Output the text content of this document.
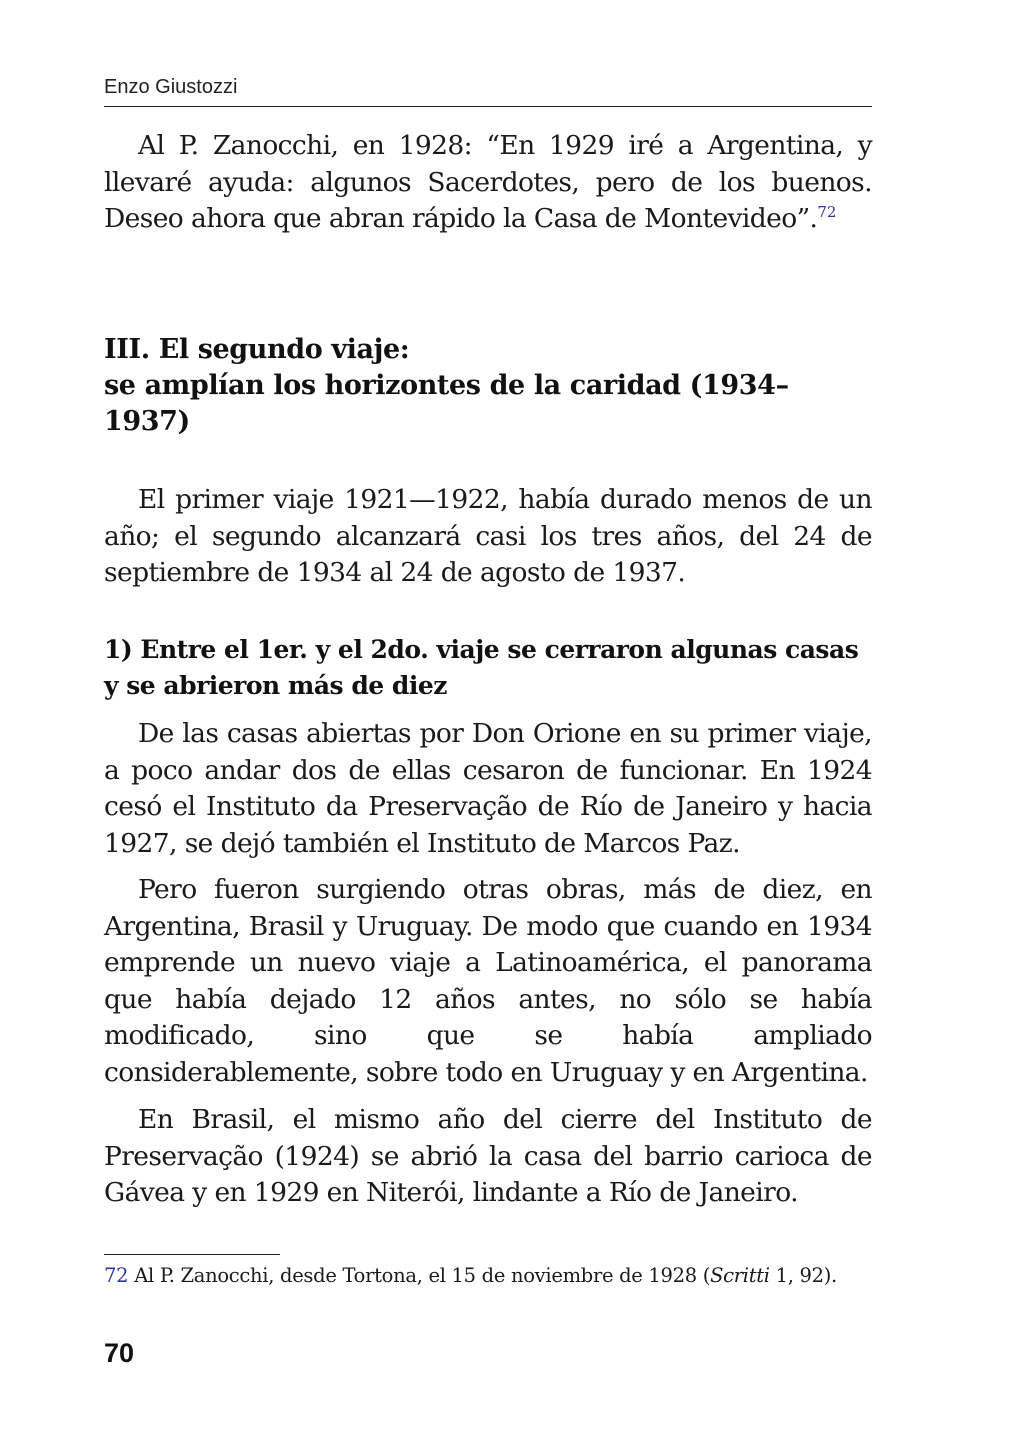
Enzo Giustozzi

Al P. Zanocchi, en 1928: “En 1929 iré a Argentina, y llevaré ayuda: algunos Sacerdotes, pero de los buenos. Deseo ahora que abran rápido la Casa de Montevideo”.$^{72}$

III. El segundo viaje:
se amplían los horizontes de la caridad (1934–1937)

El primer viaje 1921—1922, había durado menos de un año; el segundo alcanzará casi los tres años, del 24 de septiembre de 1934 al 24 de agosto de 1937.

1) Entre el 1er. y el 2do. viaje se cerraron algunas casas y se abrieron más de diez

De las casas abiertas por Don Orione en su primer viaje, a poco andar dos de ellas cesaron de funcionar. En 1924 cesó el Instituto da Preservação de Río de Janeiro y hacia 1927, se dejó también el Instituto de Marcos Paz.

Pero fueron surgiendo otras obras, más de diez, en Argentina, Brasil y Uruguay. De modo que cuando en 1934 emprende un nuevo viaje a Latinoamérica, el panorama que había dejado 12 años antes, no sólo se había modificado, sino que se había ampliado considerablemente, sobre todo en Uruguay y en Argentina.

En Brasil, el mismo año del cierre del Instituto de Preservação (1924) se abrió la casa del barrio carioca de Gávea y en 1929 en Niterói, lindante a Río de Janeiro.

72 Al P. Zanocchi, desde Tortona, el 15 de noviembre de 1928 (Scritti 1, 92).

70
